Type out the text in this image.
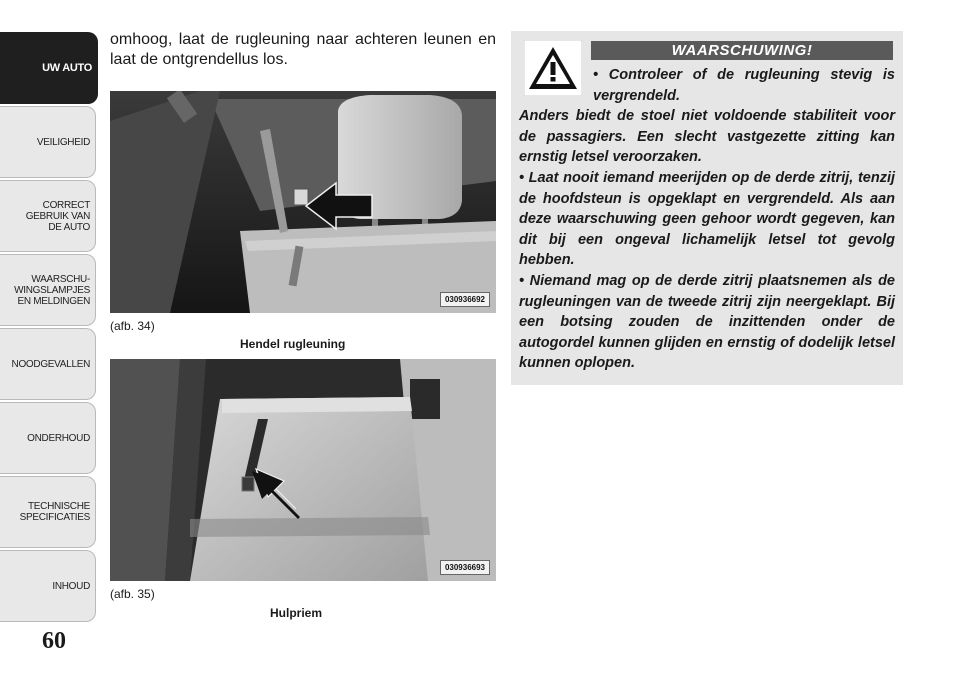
UW AUTO
VEILIGHEID
CORRECT
GEBRUIK VAN
DE AUTO
WAARSCHU-
WINGSLAMPJES
EN MELDINGEN
NOODGEVALLEN
ONDERHOUD
TECHNISCHE
SPECIFICATIES
INHOUD
60
omhoog, laat de rugleuning naar achteren leunen en laat de ontgrendellus los.
030936692
(afb. 34)
Hendel rugleuning
030936693
(afb. 35)
Hulpriem
WAARSCHUWING!

• Controleer of de rugleuning stevig is vergrendeld.

Anders biedt de stoel niet voldoende stabiliteit voor de passagiers. Een slecht vastgezette zitting kan ernstig letsel veroorzaken.

• Laat nooit iemand meerijden op de derde zitrij, tenzij de hoofdsteun is opgeklapt en vergrendeld. Als aan deze waarschuwing geen gehoor wordt gegeven, kan dit bij een ongeval lichamelijk letsel tot gevolg hebben.

• Niemand mag op de derde zitrij plaatsnemen als de rugleuningen van de tweede zitrij zijn neergeklapt. Bij een botsing zouden de inzittenden onder de autogordel kunnen glijden en ernstig of dodelijk letsel kunnen oplopen.
